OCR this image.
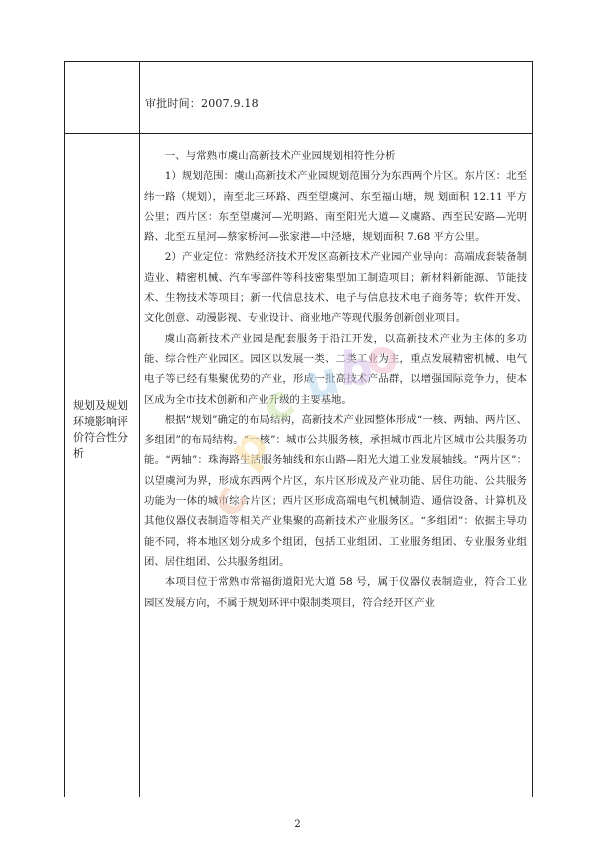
审批时间：2007.9.18
规划及规划环境影响评价符合性分析

一、与常熟市虞山高新技术产业园规划相符性分析

1）规划范围：虞山高新技术产业园规划范围分为东西两个片区。东片区：北至纬一路（规划），南至北三环路、西至望虞河、东至福山塘，规 划面积 12.11 平方公里；西片区：东至望虞河—光明路、南至阳光大道—义虞路、西至民安路—光明路、北至五星河—蔡家桥河—张家港—中泾塘，规划面积 7.68 平方公里。

2）产业定位：常熟经济技术开发区高新技术产业园产业导向：高端成套装备制造业、精密机械、汽车零部件等科技密集型加工制造项目；新材料新能源、节能技术、生物技术等项目；新一代信息技术、电子与信息技术电子商务等；软件开发、文化创意、动漫影视、专业设计、商业地产等现代服务创新创业项目。

虞山高新技术产业园是配套服务于沿江开发，以高新技术产业为主体的多功能、综合性产业园区。园区以发展一类、二类工业为主，重点发展精密机械、电气电子等已经有集聚优势的产业，形成一批高技术产品群，以增强国际竞争力，使本区成为全市技术创新和产业升级的主要基地。

根据“规划”确定的布局结构，高新技术产业园整体形成“一核、两轴、两片区、多组团”的布局结构。“一核”：城市公共服务核，承担城市西北片区城市公共服务功能。“两轴”：珠海路生活服务轴线和东山路—阳光大道工业发展轴线。“两片区”：以望虞河为界，形成东西两个片区，东片区形成及产业功能、居住功能、公共服务功能为一体的城市综合片区；西片区形成高端电气机械制造、通信设备、计算机及其他仪器仪表制造等相关产业集聚的高新技术产业服务区。“多组团”：依据主导功能不同，将本地区划分成多个组团，包括工业组团、工业服务组团、专业服务业组团、居住组团、公共服务组团。

本项目位于常熟市常福街道阳光大道 58 号，属于仪器仪表制造业，符合工业园区发展方向，不属于规划环评中限制类项目，符合经开区产业

c
p
c
u
b
o
2
